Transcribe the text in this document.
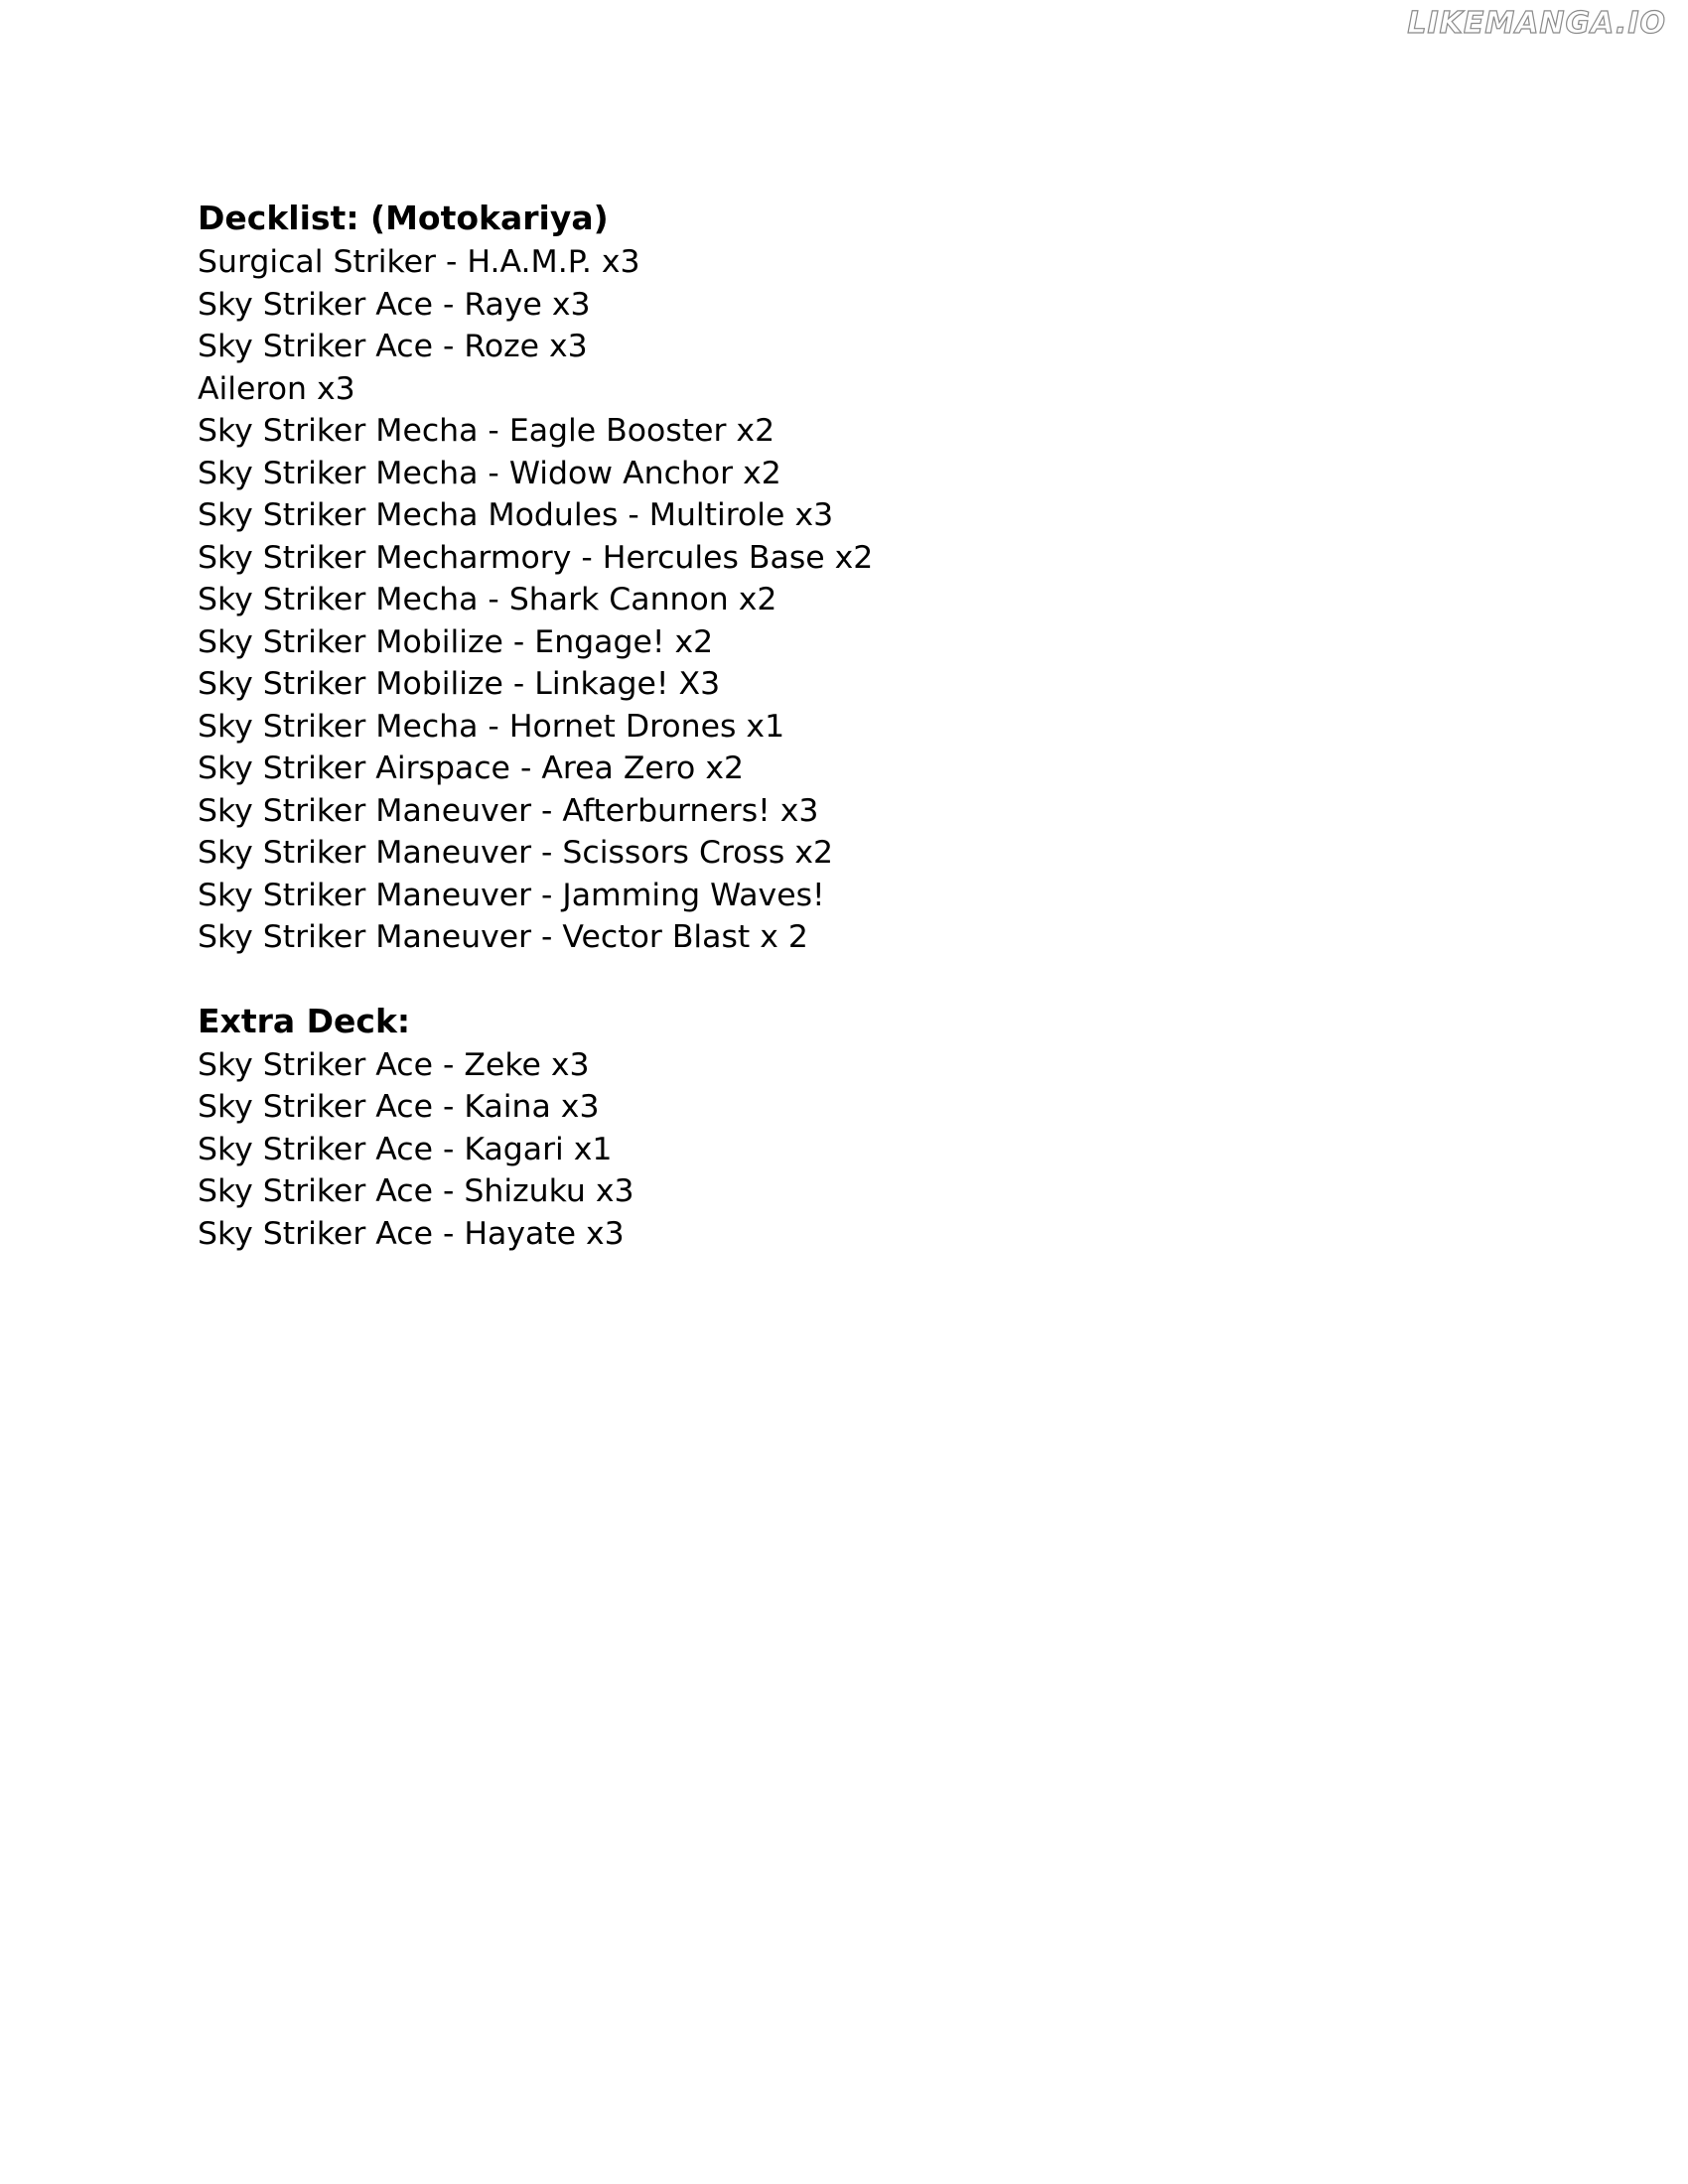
LIKEMANGA.IO
Decklist: (Motokariya)
Surgical Striker - H.A.M.P. x3
Sky Striker Ace - Raye x3
Sky Striker Ace - Roze x3
Aileron x3
Sky Striker Mecha - Eagle Booster x2
Sky Striker Mecha - Widow Anchor x2
Sky Striker Mecha Modules - Multirole x3
Sky Striker Mecharmory - Hercules Base x2
Sky Striker Mecha - Shark Cannon x2
Sky Striker Mobilize - Engage! x2
Sky Striker Mobilize - Linkage! X3
Sky Striker Mecha - Hornet Drones x1
Sky Striker Airspace - Area Zero x2
Sky Striker Maneuver - Afterburners! x3
Sky Striker Maneuver - Scissors Cross x2
Sky Striker Maneuver - Jamming Waves!
Sky Striker Maneuver - Vector Blast x 2
Extra Deck:
Sky Striker Ace - Zeke x3
Sky Striker Ace - Kaina x3
Sky Striker Ace - Kagari x1
Sky Striker Ace - Shizuku x3
Sky Striker Ace - Hayate x3
